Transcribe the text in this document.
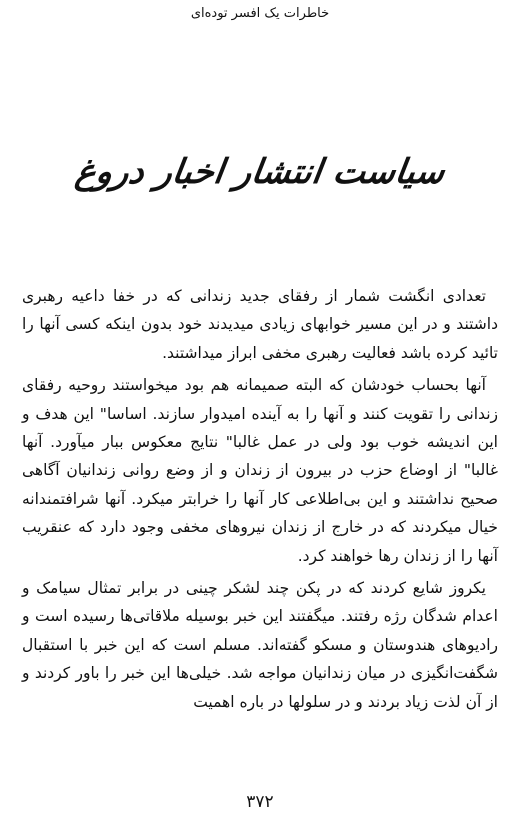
خاطرات یک افسر توده‌ای
سیاست انتشار اخبار دروغ

تعدادی انگشت شمار از رفقای جدید زندانی که در خفا داعیه رهبری داشتند و در این مسیر خوابهای زیادی میدیدند خود بدون اینکه کسی آنها را تائید کرده باشد فعالیت رهبری مخفی ابراز میداشتند.

آنها بحساب خودشان که البته صمیمانه هم بود میخواستند روحیه رفقای زندانی را تقویت کنند و آنها را به آینده امیدوار سازند. اساسا" این هدف و این اندیشه خوب بود ولی در عمل غالبا" نتایج معکوس ببار میآورد. آنها غالبا" از اوضاع حزب در بیرون از زندان و از وضع روانی زندانیان آگاهی صحیح نداشتند و این بی‌اطلاعی کار آنها را خرابتر میکرد. آنها شرافتمندانه خیال میکردند که در خارج از زندان نیروهای مخفی وجود دارد که عنقریب آنها را از زندان رها خواهند کرد.

یکروز شایع کردند که در پکن چند لشکر چینی در برابر تمثال سیامک و اعدام شدگان رژه رفتند. میگفتند این خبر بوسیله ملاقاتی‌ها رسیده است و رادیوهای هندوستان و مسکو گفته‌اند. مسلم است که این خبر با استقبال شگفت‌انگیزی در میان زندانیان مواجه شد. خیلی‌ها این خبر را باور کردند و از آن لذت زیاد بردند و در سلولها در باره اهمیت

۳۷۲
